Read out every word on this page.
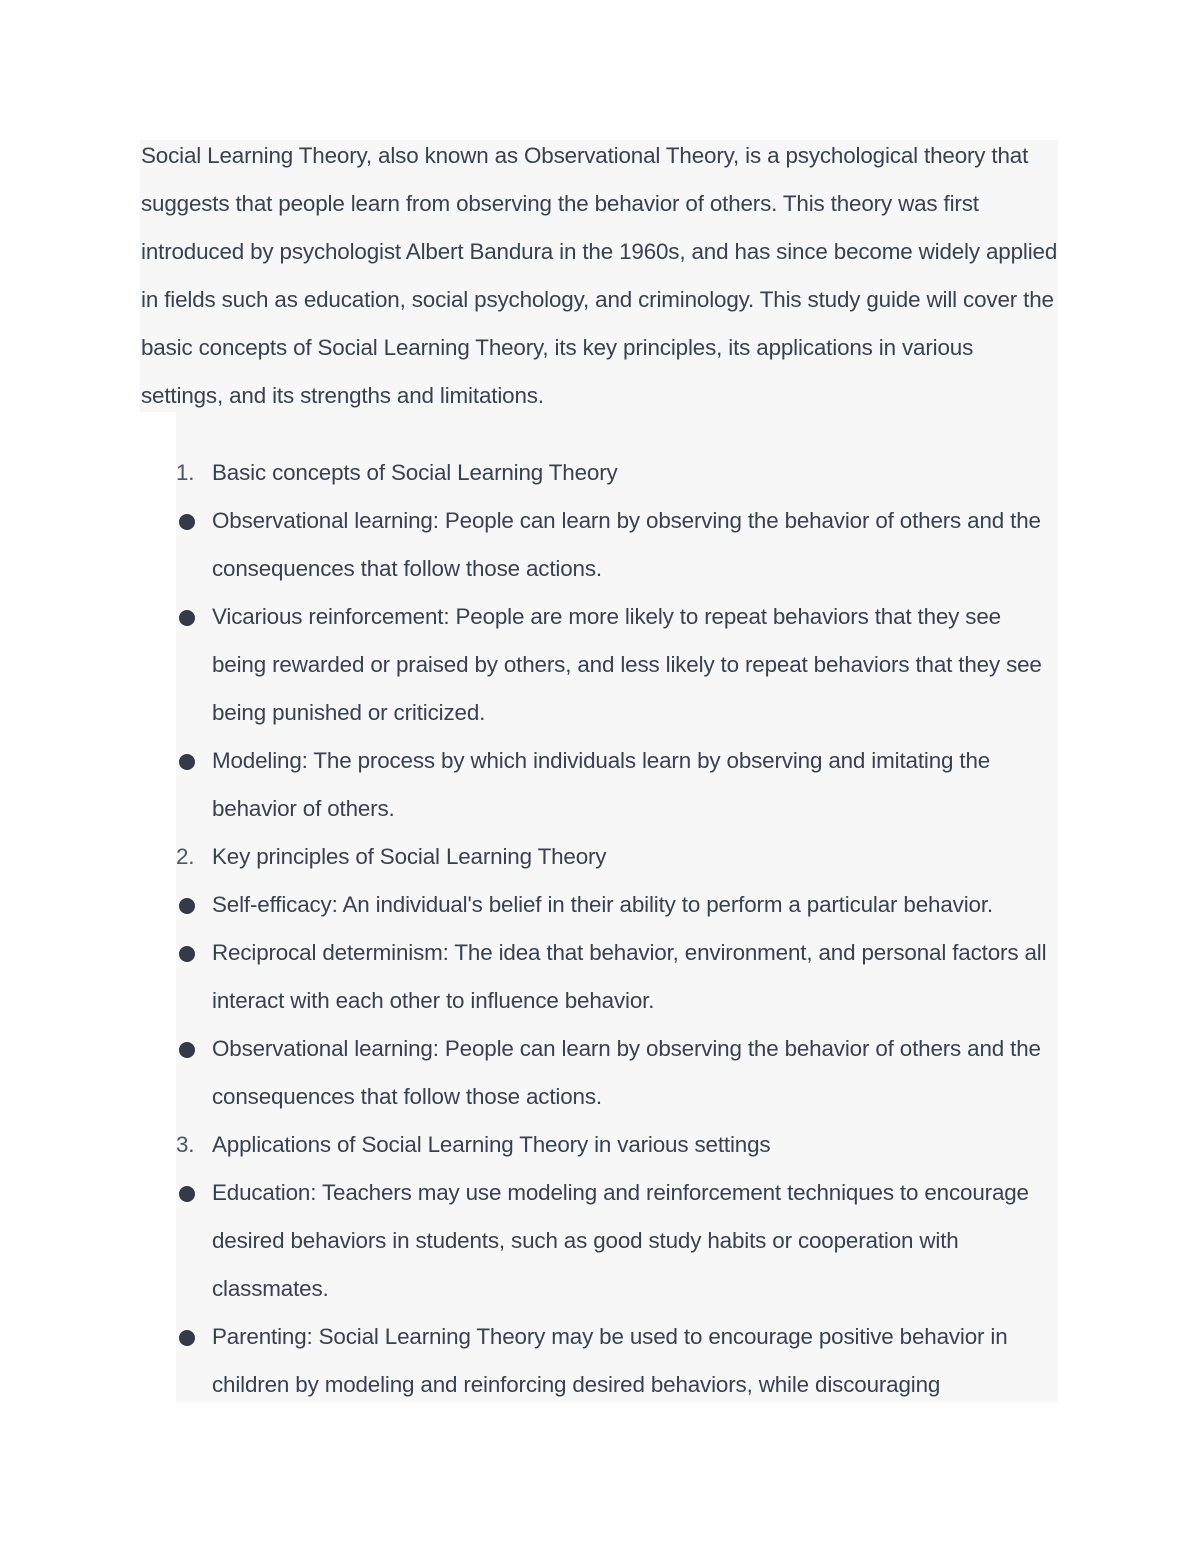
Social Learning Theory, also known as Observational Theory, is a psychological theory that suggests that people learn from observing the behavior of others. This theory was first introduced by psychologist Albert Bandura in the 1960s, and has since become widely applied in fields such as education, social psychology, and criminology. This study guide will cover the basic concepts of Social Learning Theory, its key principles, its applications in various settings, and its strengths and limitations.

1. Basic concepts of Social Learning Theory
Observational learning: People can learn by observing the behavior of others and the consequences that follow those actions.
Vicarious reinforcement: People are more likely to repeat behaviors that they see being rewarded or praised by others, and less likely to repeat behaviors that they see being punished or criticized.
Modeling: The process by which individuals learn by observing and imitating the behavior of others.
2. Key principles of Social Learning Theory
Self-efficacy: An individual's belief in their ability to perform a particular behavior.
Reciprocal determinism: The idea that behavior, environment, and personal factors all interact with each other to influence behavior.
Observational learning: People can learn by observing the behavior of others and the consequences that follow those actions.
3. Applications of Social Learning Theory in various settings
Education: Teachers may use modeling and reinforcement techniques to encourage desired behaviors in students, such as good study habits or cooperation with classmates.
Parenting: Social Learning Theory may be used to encourage positive behavior in children by modeling and reinforcing desired behaviors, while discouraging
